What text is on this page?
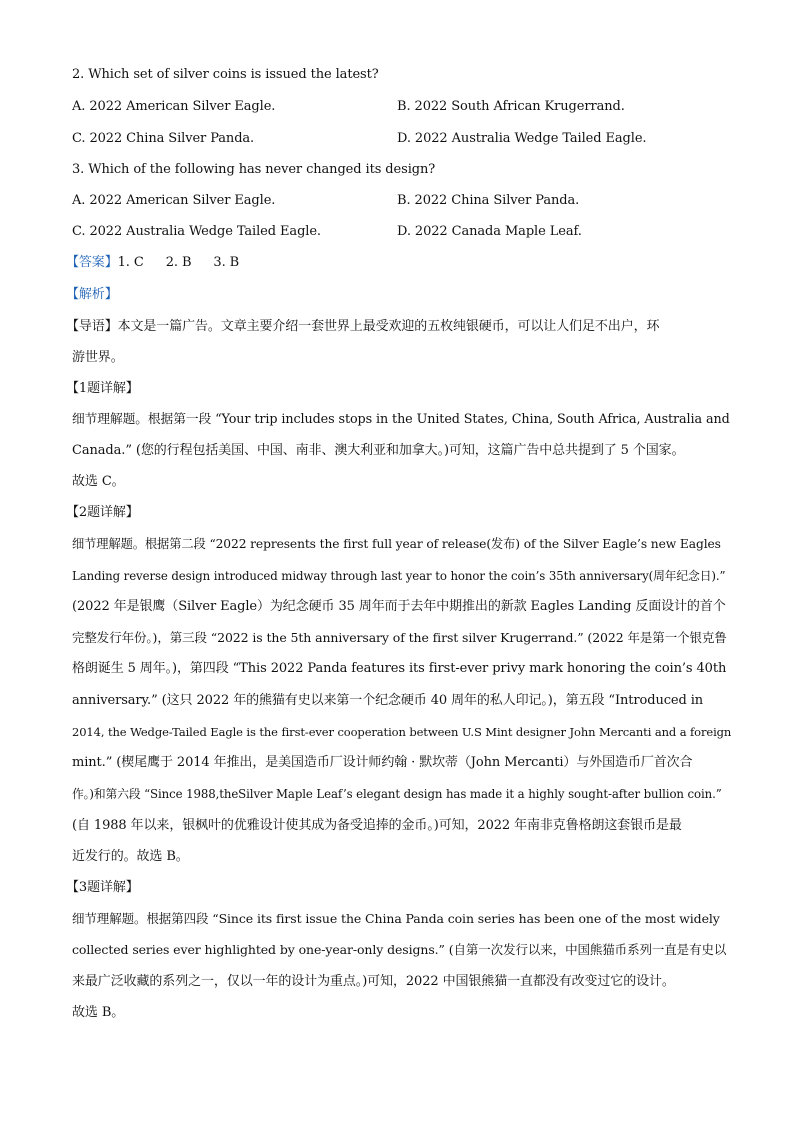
2. Which set of silver coins is issued the latest?
A. 2022 American Silver Eagle.	B. 2022 South African Krugerrand.
C. 2022 China Silver Panda.	D. 2022 Australia Wedge Tailed Eagle.
3. Which of the following has never changed its design?
A. 2022 American Silver Eagle.	B. 2022 China Silver Panda.
C. 2022 Australia Wedge Tailed Eagle.	D. 2022 Canada Maple Leaf.
【答案】1. C 2. B 3. B
【解析】
【导语】本文是一篇广告。文章主要介绍一套世界上最受欢迎的五枚纯银硬币，可以让人们足不出户，环
游世界。
【1题详解】
细节理解题。根据第一段 “Your trip includes stops in the United States, China, South Africa, Australia and
Canada.” (您的行程包括美国、中国、南非、澳大利亚和加拿大。)可知，这篇广告中总共提到了 5 个国家。
故选 C。
【2题详解】
细节理解题。根据第二段 “2022 represents the first full year of release(发布) of the Silver Eagle’s new Eagles
Landing reverse design introduced midway through last year to honor the coin’s 35th anniversary(周年纪念日).”
(2022 年是银鹰（Silver Eagle）为纪念硬币 35 周年而于去年中期推出的新款 Eagles Landing 反面设计的首个
完整发行年份。)，第三段 “2022 is the 5th anniversary of the first silver Krugerrand.” (2022 年是第一个银克鲁
格朗诞生 5 周年。)，第四段 “This 2022 Panda features its first-ever privy mark honoring the coin’s 40th
anniversary.” (这只 2022 年的熊猫有史以来第一个纪念硬币 40 周年的私人印记。)，第五段 “Introduced in
2014, the Wedge-Tailed Eagle is the first-ever cooperation between U.S Mint designer John Mercanti and a foreign
mint.” (楔尾鹰于 2014 年推出，是美国造币厂设计师约翰 · 默坎蒂（John Mercanti）与外国造币厂首次合
作。)和第六段 “Since 1988,theSilver Maple Leaf’s elegant design has made it a highly sought-after bullion coin.”
(自 1988 年以来，银枫叶的优雅设计使其成为备受追捧的金币。)可知，2022 年南非克鲁格朗这套银币是最
近发行的。故选 B。
【3题详解】
细节理解题。根据第四段 “Since its first issue the China Panda coin series has been one of the most widely
collected series ever highlighted by one-year-only designs.” (自第一次发行以来，中国熊猫币系列一直是有史以
来最广泛收藏的系列之一，仅以一年的设计为重点。)可知，2022 中国银熊猫一直都没有改变过它的设计。
故选 B。
